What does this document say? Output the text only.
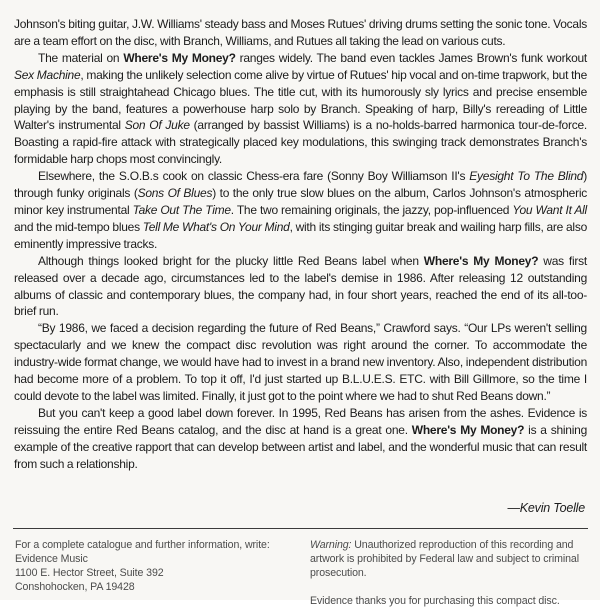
Johnson's biting guitar, J.W. Williams' steady bass and Moses Rutues' driving drums setting the sonic tone. Vocals are a team effort on the disc, with Branch, Williams, and Rutues all taking the lead on various cuts.

The material on Where's My Money? ranges widely. The band even tackles James Brown's funk workout Sex Machine, making the unlikely selection come alive by virtue of Rutues' hip vocal and on-time trapwork, but the emphasis is still straightahead Chicago blues. The title cut, with its humorously sly lyrics and precise ensemble playing by the band, features a powerhouse harp solo by Branch. Speaking of harp, Billy's rereading of Little Walter's instrumental Son Of Juke (arranged by bassist Williams) is a no-holds-barred harmonica tour-de-force. Boasting a rapid-fire attack with strategically placed key modulations, this swinging track demonstrates Branch's formidable harp chops most convincingly.

Elsewhere, the S.O.B.s cook on classic Chess-era fare (Sonny Boy Williamson II's Eyesight To The Blind) through funky originals (Sons Of Blues) to the only true slow blues on the album, Carlos Johnson's atmospheric minor key instrumental Take Out The Time. The two remaining originals, the jazzy, pop-influenced You Want It All and the mid-tempo blues Tell Me What's On Your Mind, with its stinging guitar break and wailing harp fills, are also eminently impressive tracks.

Although things looked bright for the plucky little Red Beans label when Where's My Money? was first released over a decade ago, circumstances led to the label's demise in 1986. After releasing 12 outstanding albums of classic and contemporary blues, the company had, in four short years, reached the end of its all-too-brief run.

“By 1986, we faced a decision regarding the future of Red Beans,” Crawford says. “Our LPs weren't selling spectacularly and we knew the compact disc revolution was right around the corner. To accommodate the industry-wide format change, we would have had to invest in a brand new inventory. Also, independent distribution had become more of a problem. To top it off, I'd just started up B.L.U.E.S. ETC. with Bill Gillmore, so the time I could devote to the label was limited. Finally, it just got to the point where we had to shut Red Beans down.”

But you can't keep a good label down forever. In 1995, Red Beans has arisen from the ashes. Evidence is reissuing the entire Red Beans catalog, and the disc at hand is a great one. Where's My Money? is a shining example of the creative rapport that can develop between artist and label, and the wonderful music that can result from such a relationship.

—Kevin Toelle
For a complete catalogue and further information, write:
Evidence Music
1100 E. Hector Street, Suite 392
Conshohocken, PA 19428
Warning: Unauthorized reproduction of this recording and artwork is prohibited by Federal law and subject to criminal prosecution.
Evidence thanks you for purchasing this compact disc.
